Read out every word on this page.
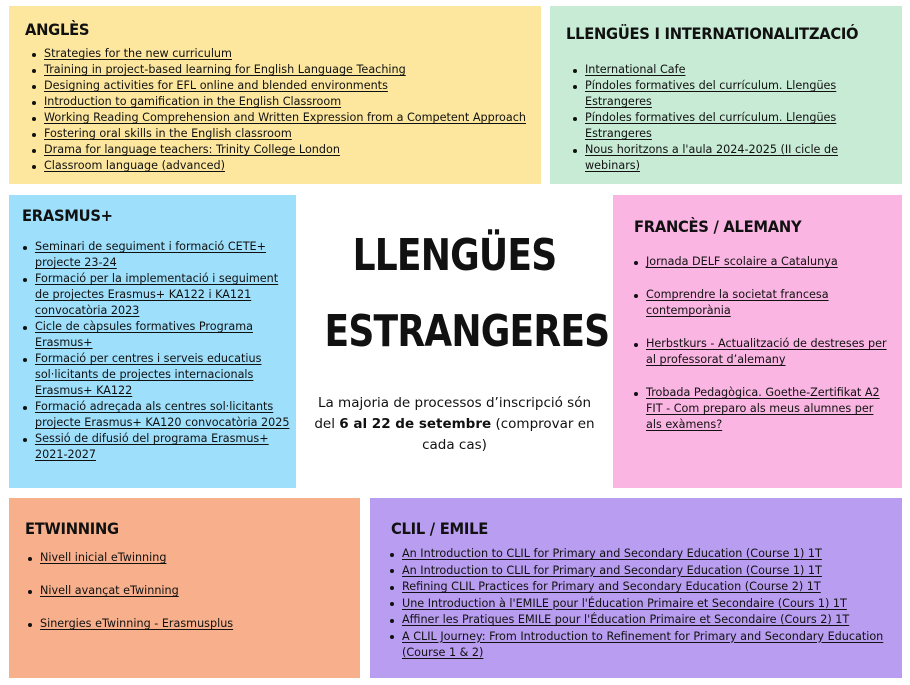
ANGLÈS
Strategies for the new curriculum
Training in project-based learning for English Language Teaching
Designing activities for EFL online and blended environments
Introduction to gamification in the English Classroom
Working Reading Comprehension and Written Expression from a Competent Approach
Fostering oral skills in the English classroom
Drama for language teachers: Trinity College London
Classroom language (advanced)
LLENGÜES I INTERNATIONALITZACIÓ
International Cafe
Píndoles formatives del currículum. Llengües Estrangeres
Píndoles formatives del currículum. Llengües Estrangeres
Nous horitzons a l'aula 2024-2025 (II cicle de webinars)
ERASMUS+
Seminari de seguiment i formació CETE+ projecte 23-24
Formació per la implementació i seguiment de projectes Erasmus+ KA122 i KA121 convocatòria 2023
Cicle de càpsules formatives Programa Erasmus+
Formació per centres i serveis educatius sol·licitants de projectes internacionals Erasmus+ KA122
Formació adreçada als centres sol·licitants projecte Erasmus+ KA120 convocatòria 2025
Sessió de difusió del programa Erasmus+ 2021-2027
LLENGÜES
ESTRANGERES

La majoria de processos d’inscripció són del 6 al 22 de setembre (comprovar en cada cas)

FRANCÈS / ALEMANY
Jornada DELF scolaire a Catalunya
Comprendre la societat francesa contemporània
Herbstkurs - Actualització de destreses per al professorat d’alemany
Trobada Pedagògica. Goethe-Zertifikat A2 FIT - Com preparo als meus alumnes per als exàmens?
ETWINNING
Nivell inicial eTwinning
Nivell avançat eTwinning
Sinergies eTwinning - Erasmusplus
CLIL / EMILE
An Introduction to CLIL for Primary and Secondary Education (Course 1) 1T
An Introduction to CLIL for Primary and Secondary Education (Course 1) 1T
Refining CLIL Practices for Primary and Secondary Education (Course 2) 1T
Une Introduction à l'EMILE pour l'Éducation Primaire et Secondaire (Cours 1) 1T
Affiner les Pratiques EMILE pour l'Éducation Primaire et Secondaire (Cours 2) 1T
A CLIL Journey: From Introduction to Refinement for Primary and Secondary Education (Course 1 & 2)
